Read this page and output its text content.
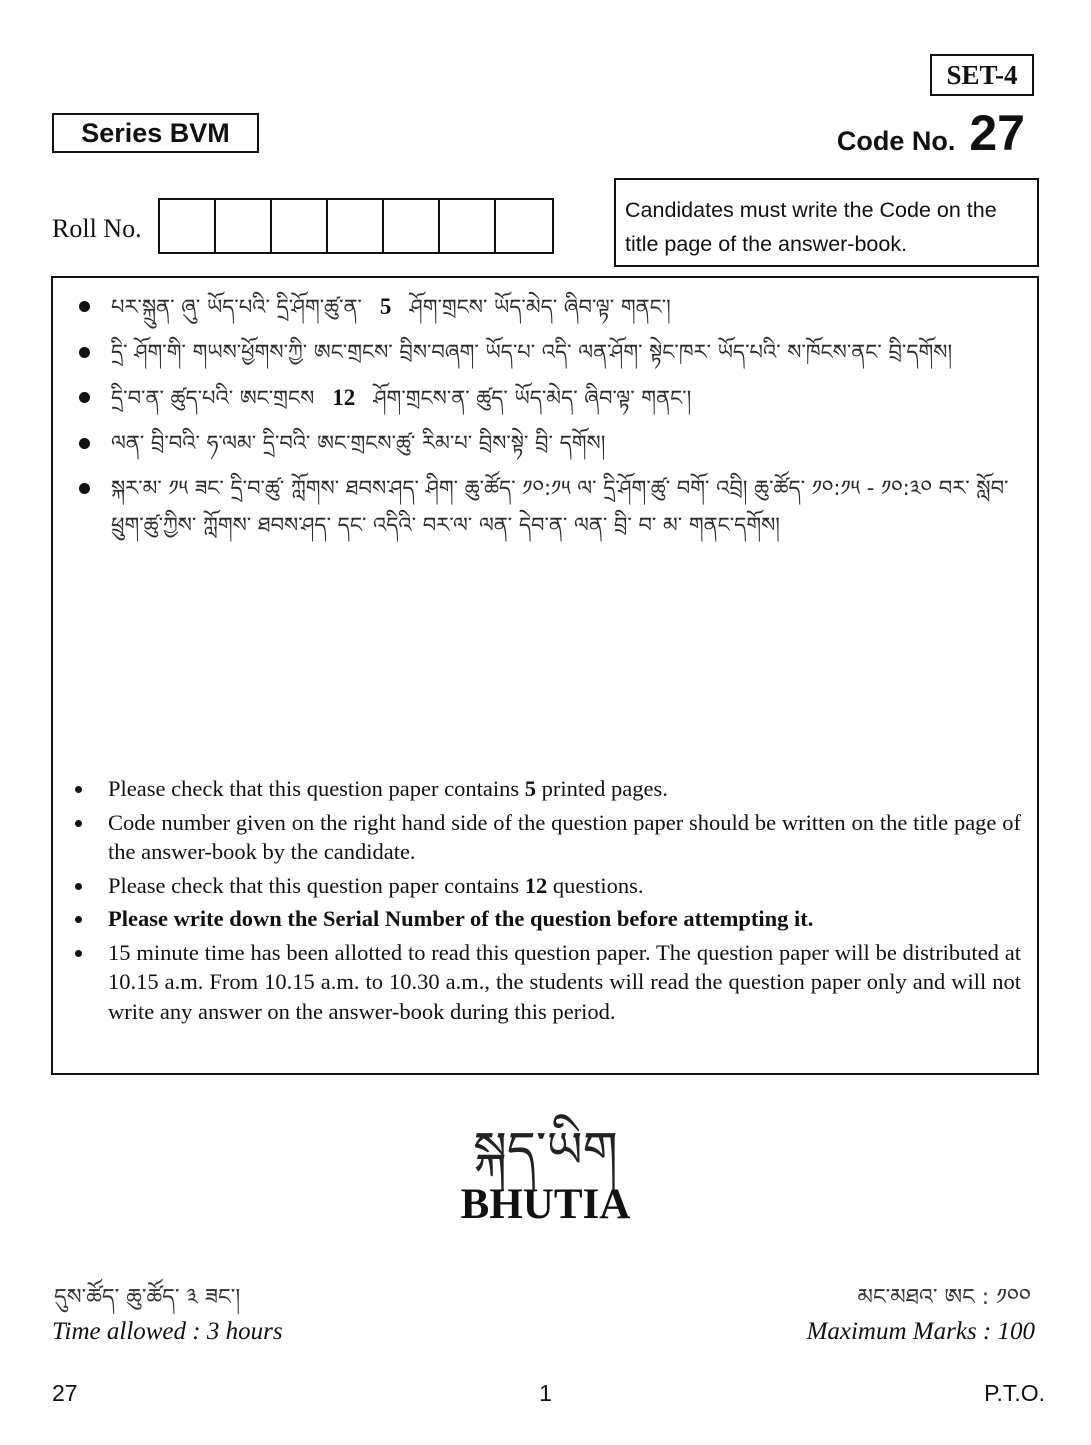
SET-4
Series BVM	Code No. 27
Roll No.
Candidates must write the Code on the title page of the answer-book.
པར་སྐྲུན་ ཞུ་ ཡོད་པའི་ དྲི་ཤོག་ཚུ་ན་ 5 ཤོག་གྲངས་ ཡོད་མེད་ ཞིབ་ལྟ་ གནང་།
དྲི་ ཤོག་གི་ གཡས་ཕྱོགས་ཀྱི་ ཨང་གྲངས་ བྲིས་བཞག་ ཡོད་པ་ འདི་ ལན་ཤོག་ སྟེང་ཁར་ ཡོད་པའི་ ས་ཁོངས་ནང་ བྲི་དགོས།
དྲི་བ་ན་ ཚུད་པའི་ ཨང་གྲངས 12 ཤོག་གྲངས་ན་ ཚུད་ ཡོད་མེད་ ཞིབ་ལྟ་ གནང་།
ལན་ བྲི་བའི་ ཧ་ལམ་ དྲི་བའི་ ཨང་གྲངས་ཚུ་ རིམ་པ་ བྲིས་སྟེ་ བྲི་ དགོས།
སྐར་མ་ ༡༥ ཟང་ དྲི་བ་ཚུ་ ཀློགས་ ཐབས་ཤད་ ཤིག་ ཆུ་ཚོད་ ༡༠:༡༥ ལ་ དྲི་ཤོག་ཚུ་ བགོ་ འབྲི། ཆུ་ཚོད་ ༡༠:༡༥ - ༡༠:༣༠ བར་ སློབ་ཕྲུག་ཚུ་ཀྱིས་ ཀློགས་ ཐབས་ཤད་ དང་ འདིའི་ བར་ལ་ ལན་ དེབ་ན་ ལན་ བྲི་ བ་ མ་ གནང་དགོས།
Please check that this question paper contains 5 printed pages.
Code number given on the right hand side of the question paper should be written on the title page of the answer-book by the candidate.
Please check that this question paper contains 12 questions.
Please write down the Serial Number of the question before attempting it.
15 minute time has been allotted to read this question paper. The question paper will be distributed at 10.15 a.m. From 10.15 a.m. to 10.30 a.m., the students will read the question paper only and will not write any answer on the answer-book during this period.
སྐད་ཡིག
BHUTIA
དུས་ཚོད་ ཆུ་ཚོད་ ༣ ཟང་།	མང་མཐའ་ ཨང : ༡༠༠
Time allowed : 3 hours	Maximum Marks : 100
27	1	P.T.O.
